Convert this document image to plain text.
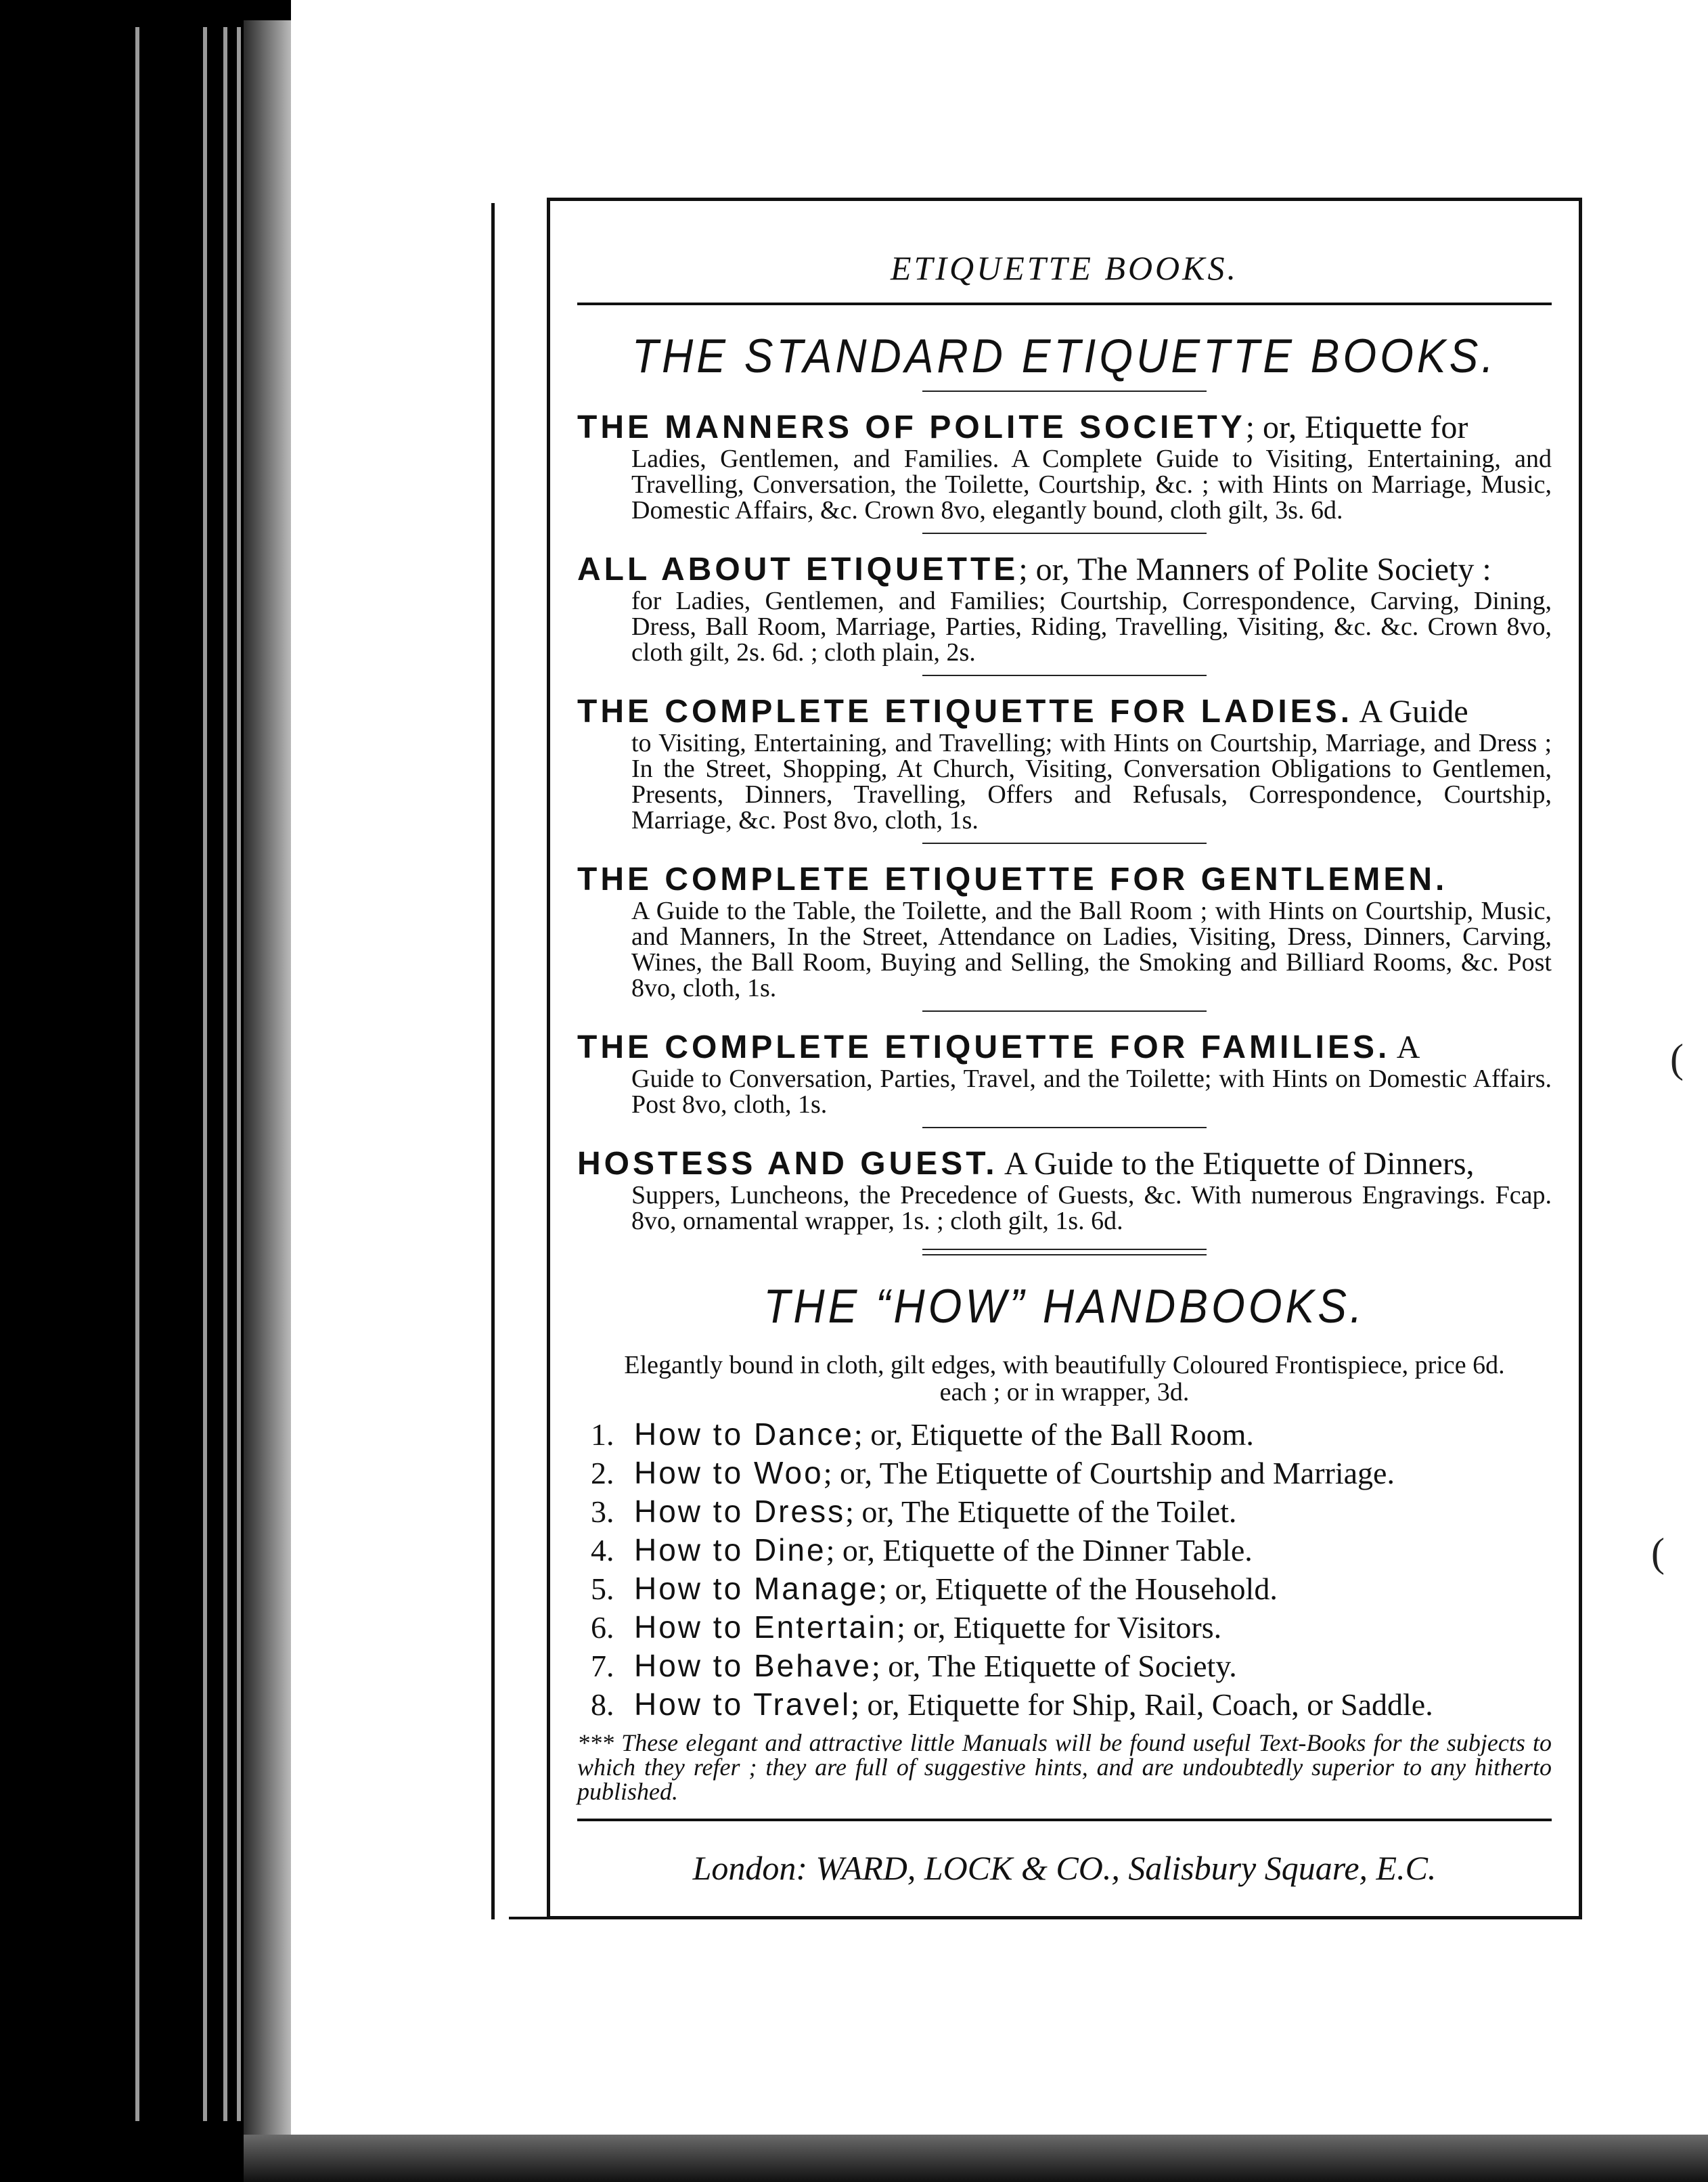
(
(
ETIQUETTE BOOKS.
THE STANDARD ETIQUETTE BOOKS.
THE MANNERS OF POLITE SOCIETY; or, Etiquette for
Ladies, Gentlemen, and Families. A Complete Guide to Visiting, Entertaining, and Travelling, Conversation, the Toilette, Courtship, &c. ; with Hints on Marriage, Music, Domestic Affairs, &c. Crown 8vo, elegantly bound, cloth gilt, 3s. 6d.
ALL ABOUT ETIQUETTE; or, The Manners of Polite Society :
for Ladies, Gentlemen, and Families; Courtship, Correspondence, Carving, Dining, Dress, Ball Room, Marriage, Parties, Riding, Travelling, Visiting, &c. &c. Crown 8vo, cloth gilt, 2s. 6d. ; cloth plain, 2s.
THE COMPLETE ETIQUETTE FOR LADIES. A Guide
to Visiting, Entertaining, and Travelling; with Hints on Courtship, Marriage, and Dress ; In the Street, Shopping, At Church, Visiting, Conversation Obligations to Gentlemen, Presents, Dinners, Travelling, Offers and Refusals, Correspondence, Courtship, Marriage, &c. Post 8vo, cloth, 1s.
THE COMPLETE ETIQUETTE FOR GENTLEMEN.
A Guide to the Table, the Toilette, and the Ball Room ; with Hints on Courtship, Music, and Manners, In the Street, Attendance on Ladies, Visiting, Dress, Dinners, Carving, Wines, the Ball Room, Buying and Selling, the Smoking and Billiard Rooms, &c. Post 8vo, cloth, 1s.
THE COMPLETE ETIQUETTE FOR FAMILIES. A
Guide to Conversation, Parties, Travel, and the Toilette; with Hints on Domestic Affairs. Post 8vo, cloth, 1s.
HOSTESS AND GUEST. A Guide to the Etiquette of Dinners,
Suppers, Luncheons, the Precedence of Guests, &c. With numerous Engravings. Fcap. 8vo, ornamental wrapper, 1s. ; cloth gilt, 1s. 6d.
THE “HOW” HANDBOOKS.
Elegantly bound in cloth, gilt edges, with beautifully Coloured Frontispiece, price 6d. each ; or in wrapper, 3d.
1. How to Dance; or, Etiquette of the Ball Room.
2. How to Woo; or, The Etiquette of Courtship and Marriage.
3. How to Dress; or, The Etiquette of the Toilet.
4. How to Dine; or, Etiquette of the Dinner Table.
5. How to Manage; or, Etiquette of the Household.
6. How to Entertain; or, Etiquette for Visitors.
7. How to Behave; or, The Etiquette of Society.
8. How to Travel; or, Etiquette for Ship, Rail, Coach, or Saddle.
*** These elegant and attractive little Manuals will be found useful Text-Books for the subjects to which they refer ; they are full of suggestive hints, and are undoubtedly superior to any hitherto published.
London: WARD, LOCK & CO., Salisbury Square, E.C.
